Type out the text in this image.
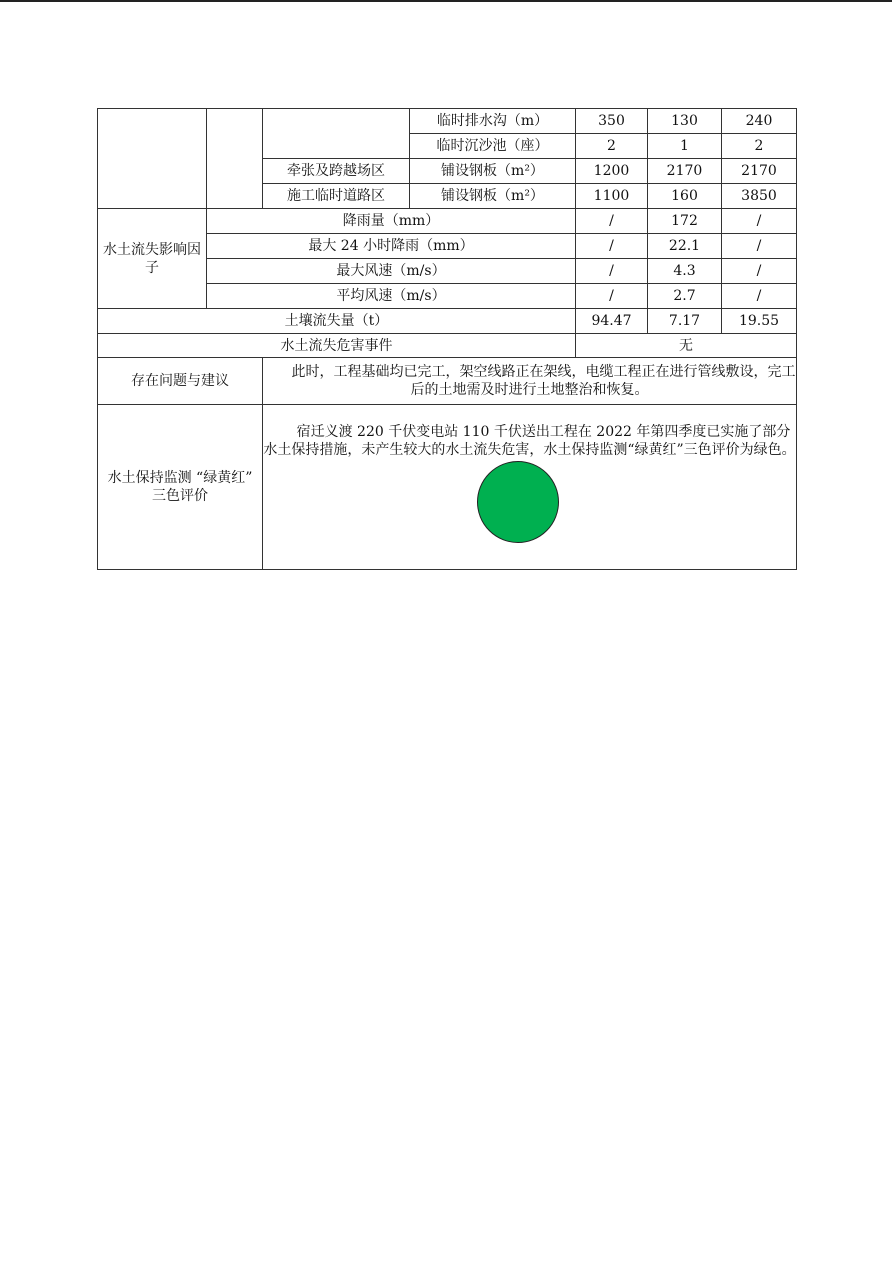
			临时排水沟（m）	350	130	240
			临时沉沙池（座）	2	1	2
		牵张及跨越场区	铺设钢板（m²）	1200	2170	2170
		施工临时道路区	铺设钢板（m²）	1100	160	3850
水土流失影响因子	降雨量（mm）			/	172	/
	最大 24 小时降雨（mm）			/	22.1	/
	最大风速（m/s）			/	4.3	/
	平均风速（m/s）			/	2.7	/
土壤流失量（t）				94.47	7.17	19.55
水土流失危害事件				无		
存在问题与建议		此时，工程基础均已完工，架空线路正在架线，电缆工程正在进行管线敷设，完工后的土地需及时进行土地整治和恢复。				
水土保持监测 “绿黄红” 三色评价		宿迁义渡 220 千伏变电站 110 千伏送出工程在 2022 年第四季度已实施了部分水土保持措施，未产生较大的水土流失危害，水土保持监测“绿黄红”三色评价为绿色。				
